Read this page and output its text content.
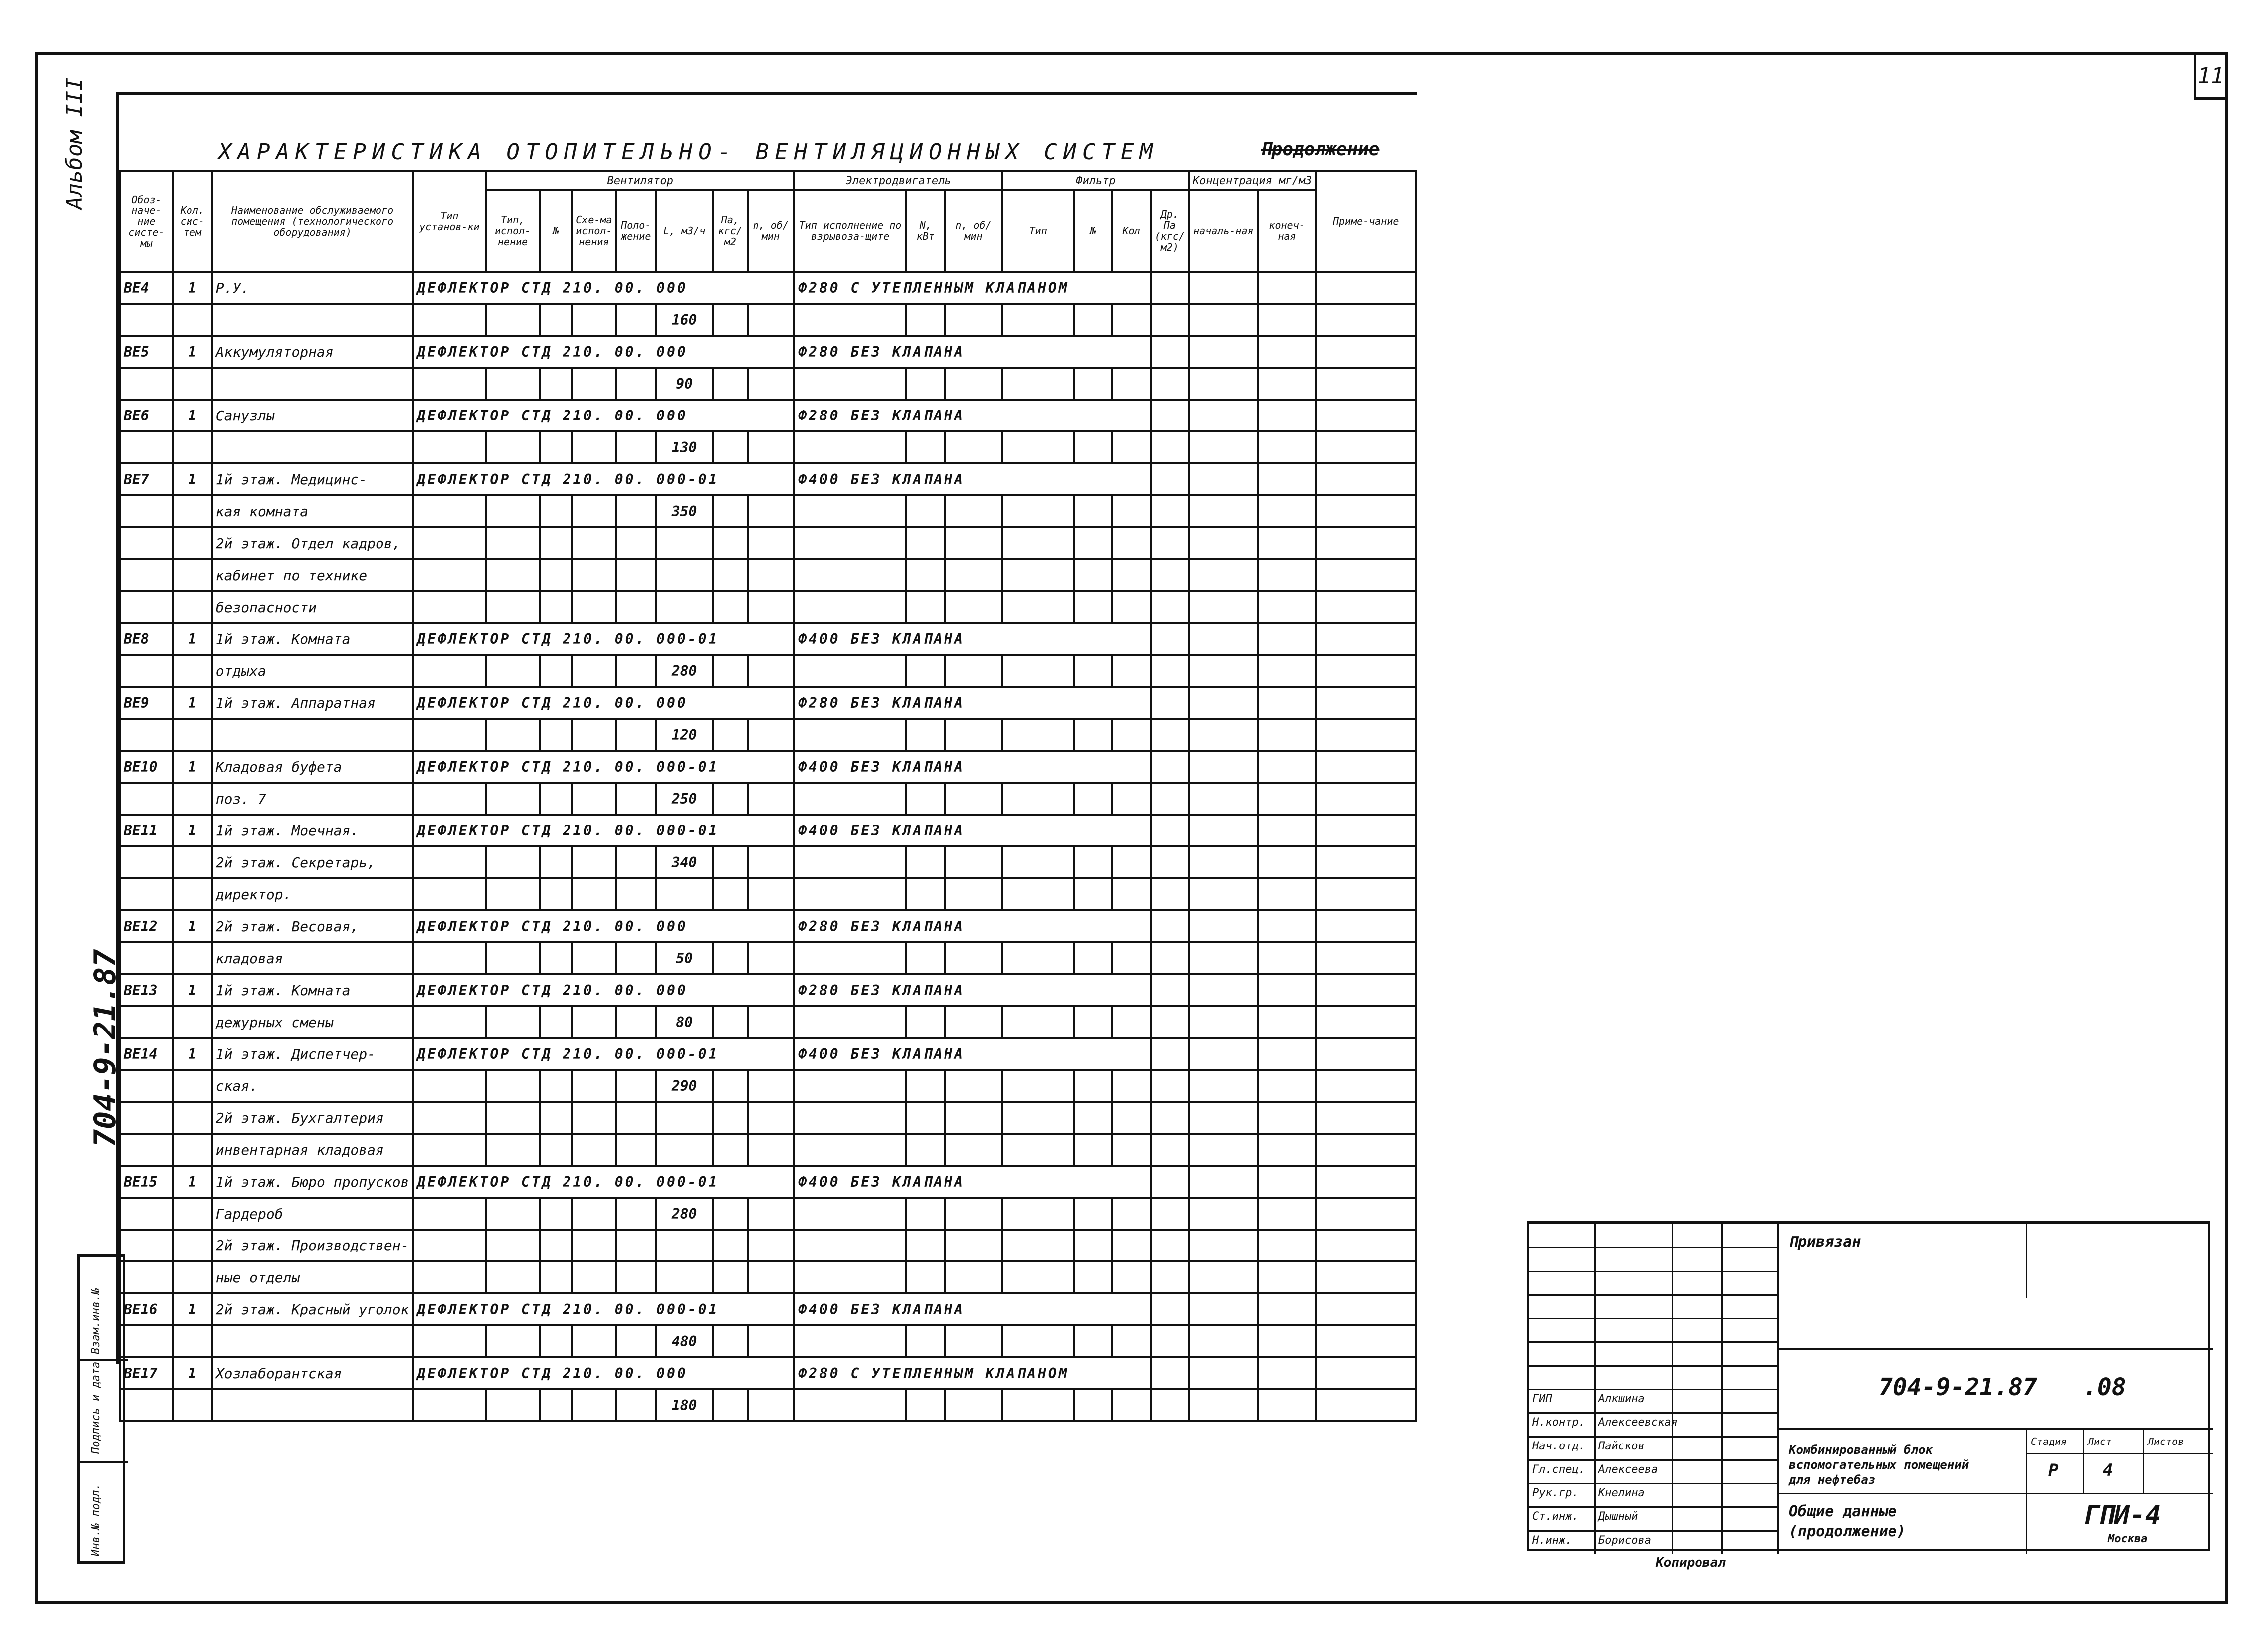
11
Альбом III
704-9-21.87
ХАРАКТЕРИСТИКА ОТОПИТЕЛЬНО- ВЕНТИЛЯЦИОННЫХ СИСТЕМ	Продолжение
Обоз-наче-ние систе-мы	Кол. сис-тем	Наименование обслуживаемого помещения (технологического оборудования)	Тип установ-ки	Вентилятор							Электродвигатель			Фильтр				Концентрация мг/м3		Приме-чание
				Тип, испол-нение	№	Схе-ма испол-нения	Поло-жение	L, м3/ч	Па, кгс/м2	n, об/мин	Тип исполнение по взрывоза-щите	N, кВт	n, об/мин	Тип	№	Кол	Др. Па (кгс/м2)	началь-ная	конеч-ная	
ВЕ4	1	Р.У.	ДЕФЛЕКТОР СТД 210. 00. 000								Ф280 С УТЕПЛЕННЫМ КЛАПАНОМ									
								160												
ВЕ5	1	Аккумуляторная	ДЕФЛЕКТОР СТД 210. 00. 000								Ф280 БЕЗ КЛАПАНА									
								90												
ВЕ6	1	Санузлы	ДЕФЛЕКТОР СТД 210. 00. 000								Ф280 БЕЗ КЛАПАНА									
								130												
ВЕ7	1	1й этаж. Медицинс-	ДЕФЛЕКТОР СТД 210. 00. 000-01								Ф400 БЕЗ КЛАПАНА									
		кая комната						350												
		2й этаж. Отдел кадров,																		
		кабинет по технике																		
		безопасности																		
ВЕ8	1	1й этаж. Комната	ДЕФЛЕКТОР СТД 210. 00. 000-01								Ф400 БЕЗ КЛАПАНА									
		отдыха						280												
ВЕ9	1	1й этаж. Аппаратная	ДЕФЛЕКТОР СТД 210. 00. 000								Ф280 БЕЗ КЛАПАНА									
								120												
ВЕ10	1	Кладовая буфета	ДЕФЛЕКТОР СТД 210. 00. 000-01								Ф400 БЕЗ КЛАПАНА									
		поз. 7						250												
ВЕ11	1	1й этаж. Моечная.	ДЕФЛЕКТОР СТД 210. 00. 000-01								Ф400 БЕЗ КЛАПАНА									
		2й этаж. Секретарь,						340												
		директор.																		
ВЕ12	1	2й этаж. Весовая,	ДЕФЛЕКТОР СТД 210. 00. 000								Ф280 БЕЗ КЛАПАНА									
		кладовая						50												
ВЕ13	1	1й этаж. Комната	ДЕФЛЕКТОР СТД 210. 00. 000								Ф280 БЕЗ КЛАПАНА									
		дежурных смены						80												
ВЕ14	1	1й этаж. Диспетчер-	ДЕФЛЕКТОР СТД 210. 00. 000-01								Ф400 БЕЗ КЛАПАНА									
		ская.						290												
		2й этаж. Бухгалтерия																		
		инвентарная кладовая																		
ВЕ15	1	1й этаж. Бюро пропусков	ДЕФЛЕКТОР СТД 210. 00. 000-01								Ф400 БЕЗ КЛАПАНА									
		Гардероб						280												
		2й этаж. Производствен-																		
		ные отделы																		
ВЕ16	1	2й этаж. Красный уголок	ДЕФЛЕКТОР СТД 210. 00. 000-01								Ф400 БЕЗ КЛАПАНА									
								480												
ВЕ17	1	Хозлаборантская	ДЕФЛЕКТОР СТД 210. 00. 000								Ф280 С УТЕПЛЕННЫМ КЛАПАНОМ									
								180												
Инв.№ подл.
Подпись и дата
Взам.инв.№
ГИП	Алкшина
Н.контр. Алексеевская
Нач.отд. Пайсков
Гл.спец. Алексеева
Рук.гр. Кнелина
Ст.инж. Дышный
Н.инж. Борисова
Привязан
704-9-21.87 .08
Комбинированный блок
вспомогательных помещений
для нефтебаз
Общие данные
(продолжение)
Стадия Лист	Листов
Р	4
ГПИ-4
Москва
Копировал
